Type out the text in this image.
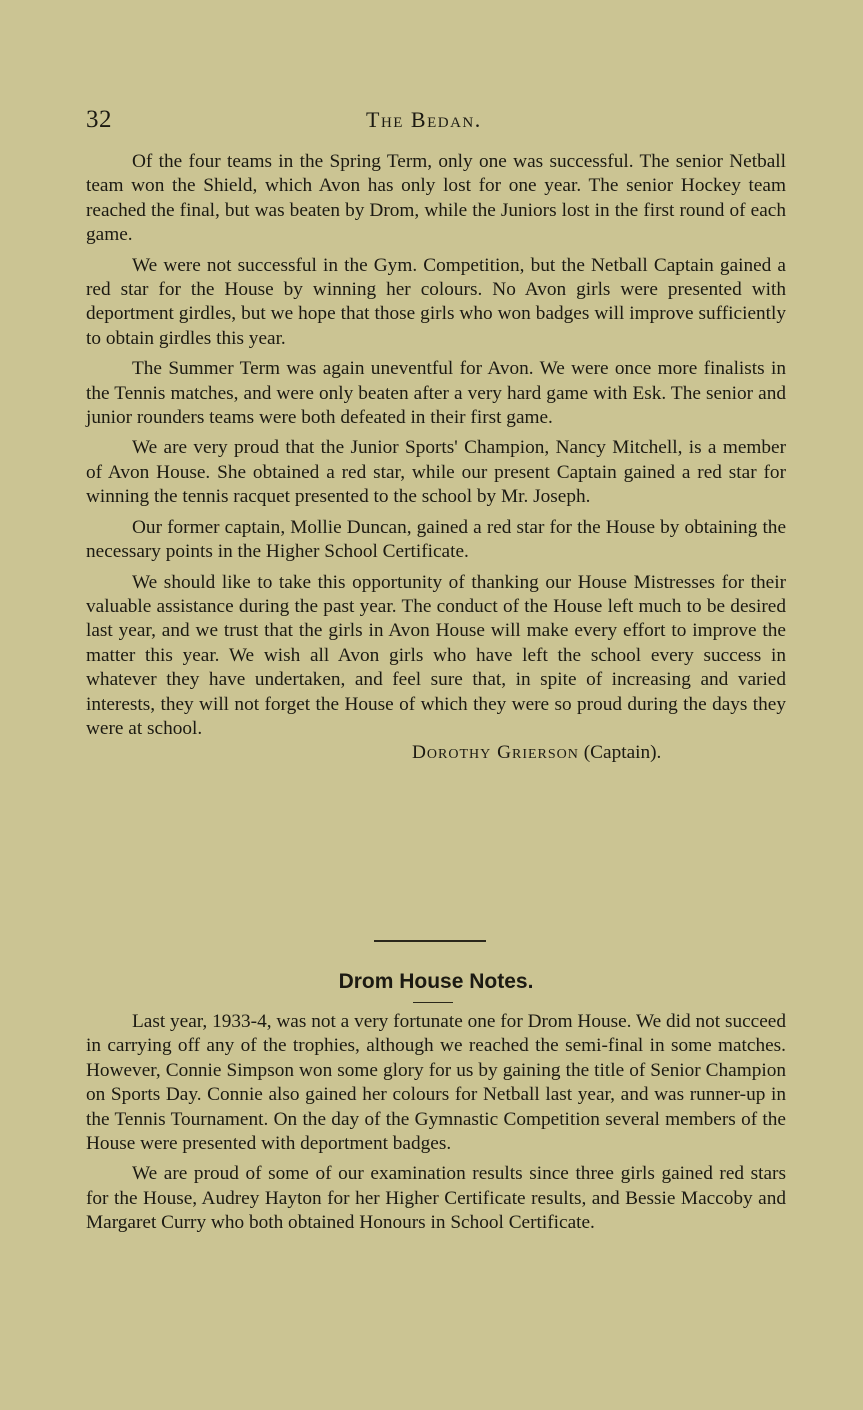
32	The Bedan.

Of the four teams in the Spring Term, only one was successful. The senior Netball team won the Shield, which Avon has only lost for one year. The senior Hockey team reached the final, but was beaten by Drom, while the Juniors lost in the first round of each game.

We were not successful in the Gym. Competition, but the Netball Captain gained a red star for the House by winning her colours. No Avon girls were presented with deportment girdles, but we hope that those girls who won badges will improve sufficiently to obtain girdles this year.

The Summer Term was again uneventful for Avon. We were once more finalists in the Tennis matches, and were only beaten after a very hard game with Esk. The senior and junior rounders teams were both defeated in their first game.

We are very proud that the Junior Sports' Champion, Nancy Mitchell, is a member of Avon House. She obtained a red star, while our present Captain gained a red star for winning the tennis racquet presented to the school by Mr. Joseph.

Our former captain, Mollie Duncan, gained a red star for the House by obtaining the necessary points in the Higher School Certificate.

We should like to take this opportunity of thanking our House Mistresses for their valuable assistance during the past year. The conduct of the House left much to be desired last year, and we trust that the girls in Avon House will make every effort to improve the matter this year. We wish all Avon girls who have left the school every success in whatever they have undertaken, and feel sure that, in spite of increasing and varied interests, they will not forget the House of which they were so proud during the days they were at school.

Dorothy Grierson (Captain).
Drom House Notes.

Last year, 1933-4, was not a very fortunate one for Drom House. We did not succeed in carrying off any of the trophies, although we reached the semi-final in some matches. However, Connie Simpson won some glory for us by gaining the title of Senior Champion on Sports Day. Connie also gained her colours for Netball last year, and was runner-up in the Tennis Tournament. On the day of the Gymnastic Competition several members of the House were presented with deportment badges.

We are proud of some of our examination results since three girls gained red stars for the House, Audrey Hayton for her Higher Certificate results, and Bessie Maccoby and Margaret Curry who both obtained Honours in School Certificate.
